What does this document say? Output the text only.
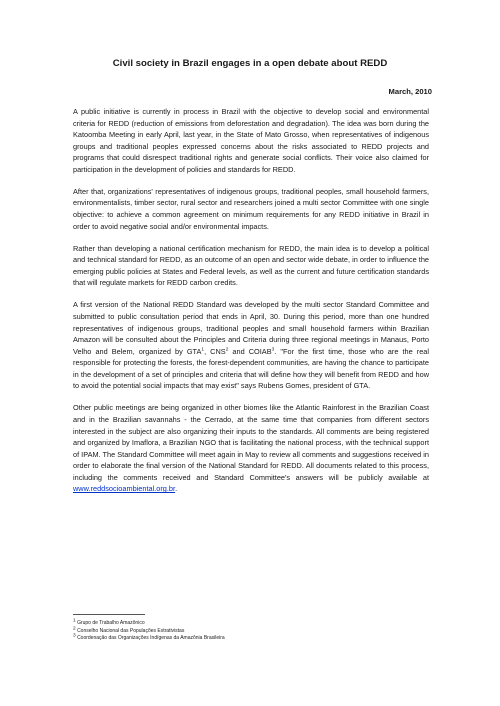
Civil society in Brazil engages in a open debate about REDD
March, 2010

A public initiative is currently in process in Brazil with the objective to develop social and environmental criteria for REDD (reduction of emissions from deforestation and degradation). The idea was born during the Katoomba Meeting in early April, last year, in the State of Mato Grosso, when representatives of indigenous groups and traditional peoples expressed concerns about the risks associated to REDD projects and programs that could disrespect traditional rights and generate social conflicts. Their voice also claimed for participation in the development of policies and standards for REDD.

After that, organizations' representatives of indigenous groups, traditional peoples, small household farmers, environmentalists, timber sector, rural sector and researchers joined a multi sector Committee with one single objective: to achieve a common agreement on minimum requirements for any REDD initiative in Brazil in order to avoid negative social and/or environmental impacts.

Rather than developing a national certification mechanism for REDD, the main idea is to develop a political and technical standard for REDD, as an outcome of an open and sector wide debate, in order to influence the emerging public policies at States and Federal levels, as well as the current and future certification standards that will regulate markets for REDD carbon credits.

A first version of the National REDD Standard was developed by the multi sector Standard Committee and submitted to public consultation period that ends in April, 30. During this period, more than one hundred representatives of indigenous groups, traditional peoples and small household farmers within Brazilian Amazon will be consulted about the Principles and Criteria during three regional meetings in Manaus, Porto Velho and Belem, organized by GTA$^1$, CNS$^2$ and COIAB$^3$. "For the first time, those who are the real responsible for protecting the forests, the forest-dependent communities, are having the chance to participate in the development of a set of principles and criteria that will define how they will benefit from REDD and how to avoid the potential social impacts that may exist" says Rubens Gomes, president of GTA.

Other public meetings are being organized in other biomes like the Atlantic Rainforest in the Brazilian Coast and in the Brazilian savannahs - the Cerrado, at the same time that companies from different sectors interested in the subject are also organizing their inputs to the standards. All comments are being registered and organized by Imaflora, a Brazilian NGO that is facilitating the national process, with the technical support of IPAM. The Standard Committee will meet again in May to review all comments and suggestions received in order to elaborate the final version of the National Standard for REDD. All documents related to this process, including the comments received and Standard Committee's answers will be publicly available at www.reddsocioambiental.org.br.

$^1$ Grupo de Trabalho Amazônico
$^2$ Conselho Nacional das Populações Extrativistas
$^3$ Coordenação das Organizações Indígenas da Amazônia Brasileira
